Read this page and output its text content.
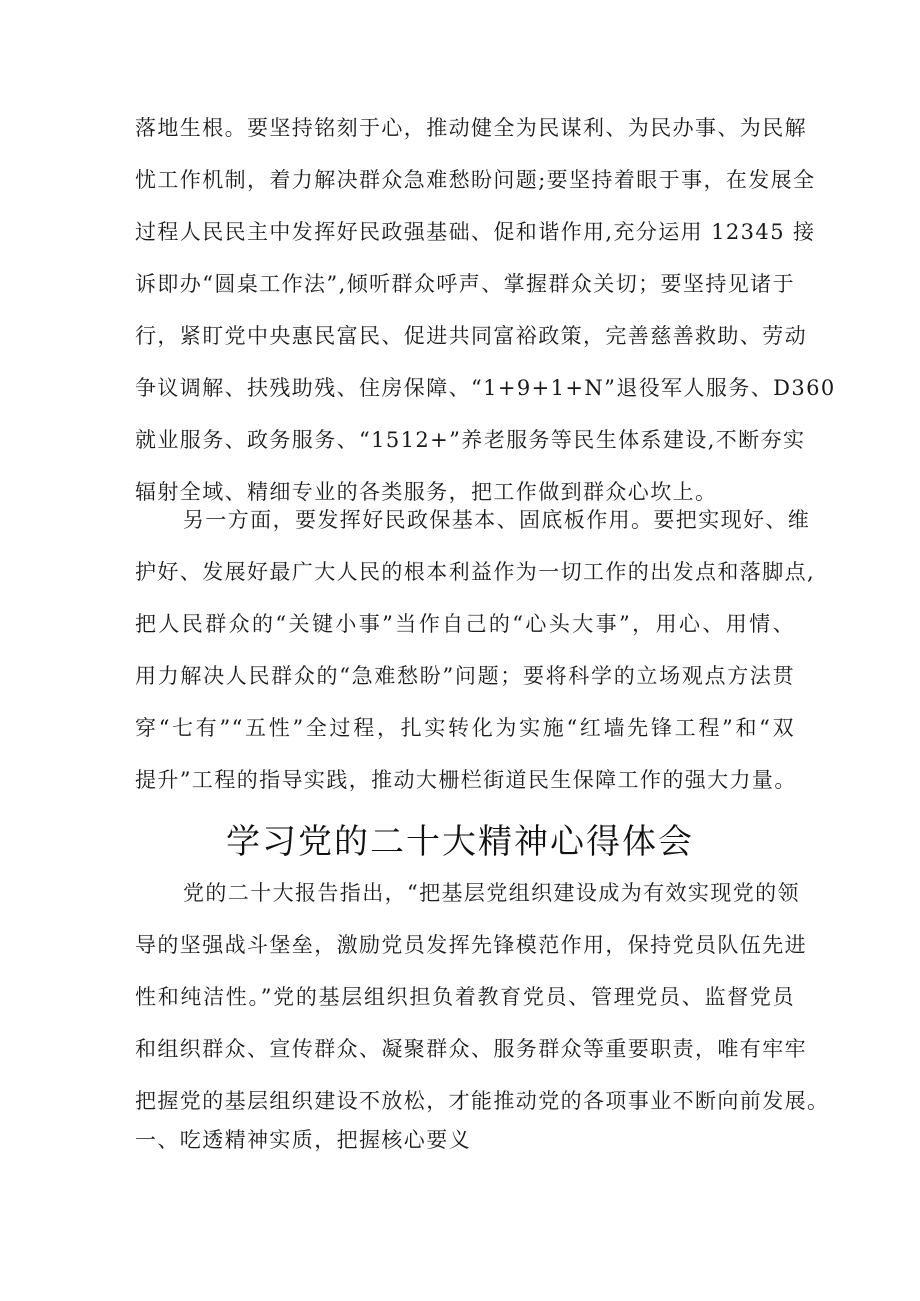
落地生根。要坚持铭刻于心，推动健全为民谋利、为民办事、为民解
忧工作机制，着力解决群众急难愁盼问题;要坚持着眼于事，在发展全
过程人民民主中发挥好民政强基础、促和谐作用,充分运用 12345 接
诉即办“圆桌工作法”,倾听群众呼声、掌握群众关切；要坚持见诸于
行，紧盯党中央惠民富民、促进共同富裕政策，完善慈善救助、劳动
争议调解、扶残助残、住房保障、“1+9+1+N”退役军人服务、D360
就业服务、政务服务、“1512+”养老服务等民生体系建设,不断夯实
辐射全域、精细专业的各类服务，把工作做到群众心坎上。
另一方面，要发挥好民政保基本、固底板作用。要把实现好、维
护好、发展好最广大人民的根本利益作为一切工作的出发点和落脚点,
把人民群众的“关键小事”当作自己的“心头大事”，用心、用情、
用力解决人民群众的“急难愁盼”问题；要将科学的立场观点方法贯
穿“七有”“五性”全过程，扎实转化为实施“红墙先锋工程”和“双
提升”工程的指导实践，推动大栅栏街道民生保障工作的强大力量。
学习党的二十大精神心得体会
党的二十大报告指出，“把基层党组织建设成为有效实现党的领
导的坚强战斗堡垒，激励党员发挥先锋模范作用，保持党员队伍先进
性和纯洁性。”党的基层组织担负着教育党员、管理党员、监督党员
和组织群众、宣传群众、凝聚群众、服务群众等重要职责，唯有牢牢
把握党的基层组织建设不放松，才能推动党的各项事业不断向前发展。
一、吃透精神实质，把握核心要义
